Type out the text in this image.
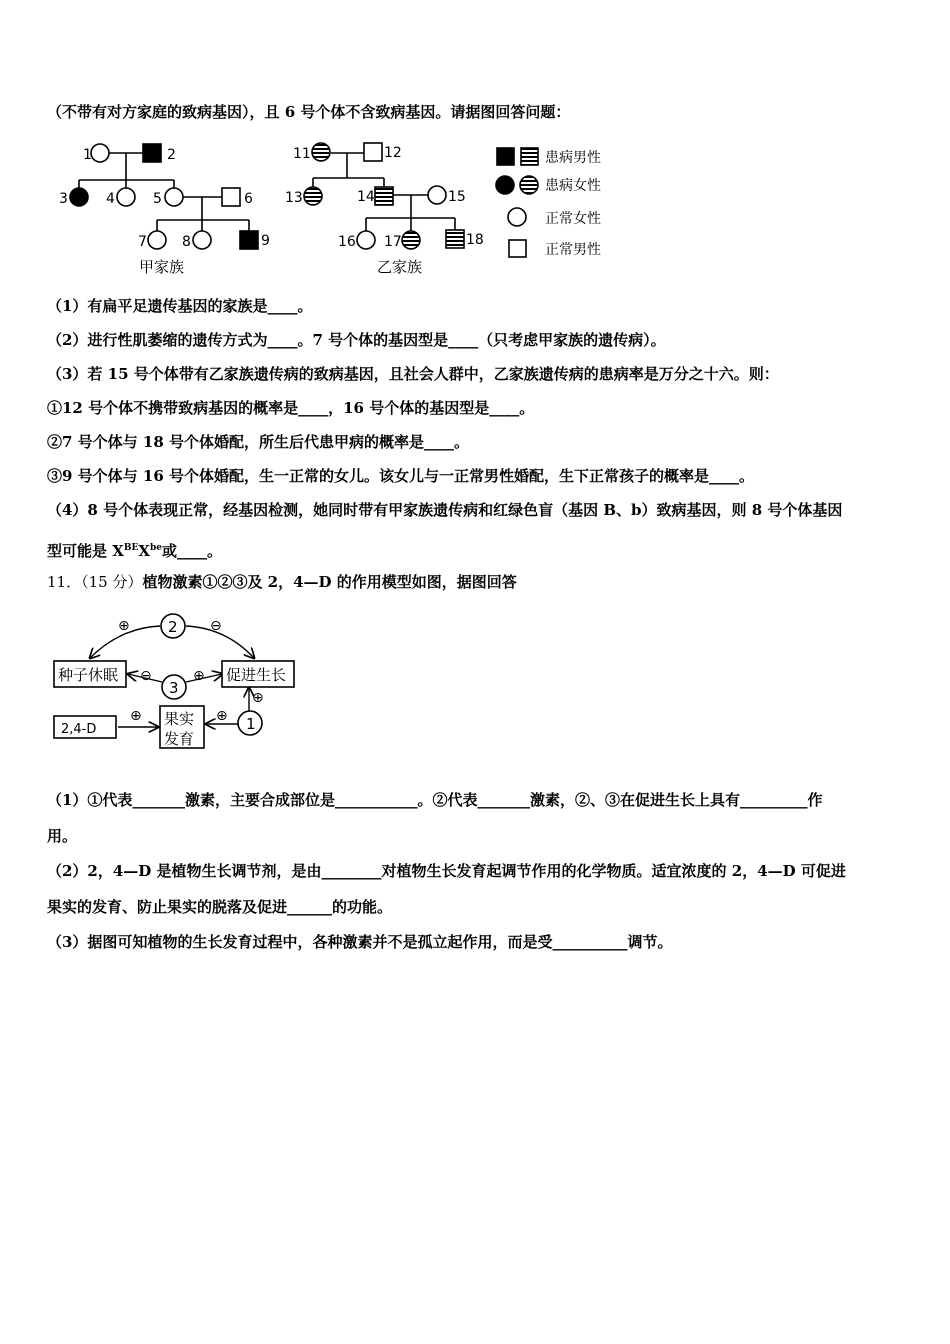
（不带有对方家庭的致病基因），且 6 号个体不含致病基因。请据图回答问题：
1	2
3	4	5	6
7	8	9
甲家族
11	12
13	14	15
16 17	18
乙家族
患病男性
患病女性
正常女性
正常男性
（1）有扁平足遗传基因的家族是____。
（2）进行性肌萎缩的遗传方式为____。7 号个体的基因型是____（只考虑甲家族的遗传病）。
（3）若 15 号个体带有乙家族遗传病的致病基因，且社会人群中，乙家族遗传病的患病率是万分之十六。则：
①12 号个体不携带致病基因的概率是____，16 号个体的基因型是____。
②7 号个体与 18 号个体婚配，所生后代患甲病的概率是____。
③9 号个体与 16 号个体婚配，生一正常的女儿。该女儿与一正常男性婚配，生下正常孩子的概率是____。
（4）8 号个体表现正常，经基因检测，她同时带有甲家族遗传病和红绿色盲（基因 B、b）致病基因，则 8 号个体基因
型可能是 $X^{BE}X^{be}$或____。
11．（15 分）植物激素①②③及 2，4—D 的作用模型如图，据图回答
种子休眠	促进生长
果实
发育
2,4-D
2
3
1
⊕	⊖
⊖	⊕
⊕
⊕
⊕
（1）①代表_______激素，主要合成部位是___________。②代表_______激素，②、③在促进生长上具有_________作
用。
（2）2，4—D 是植物生长调节剂，是由________对植物生长发育起调节作用的化学物质。适宜浓度的 2，4—D 可促进
果实的发育、防止果实的脱落及促进______的功能。
（3）据图可知植物的生长发育过程中，各种激素并不是孤立起作用，而是受__________调节。
